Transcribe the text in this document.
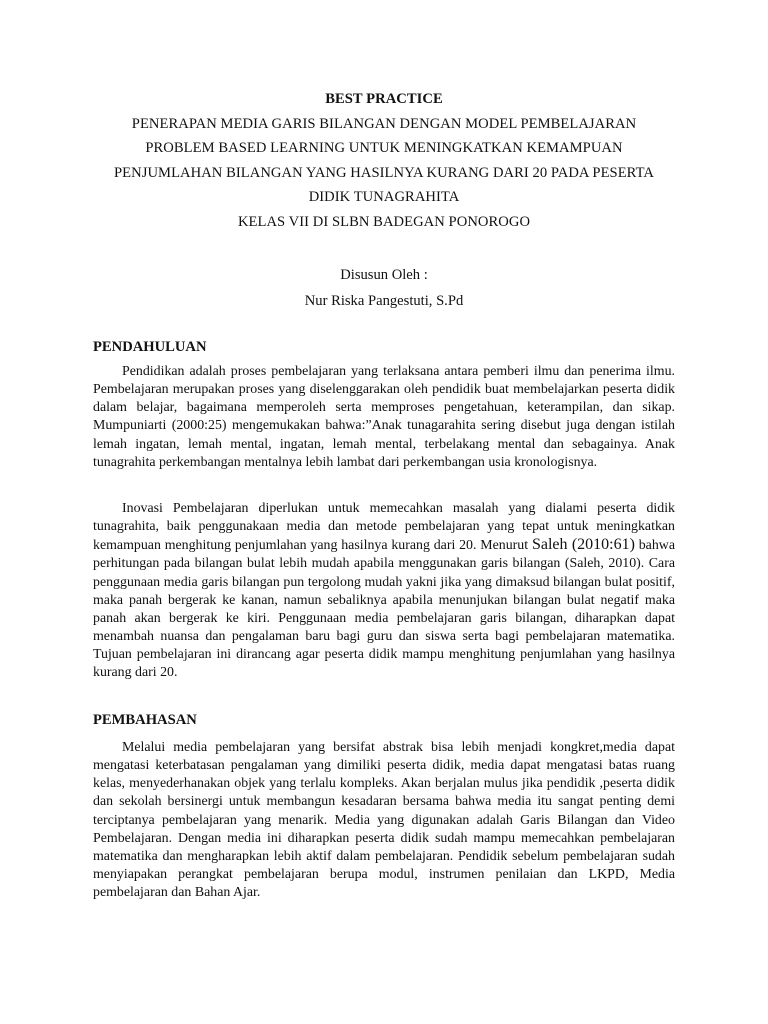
BEST PRACTICE
PENERAPAN MEDIA GARIS BILANGAN DENGAN MODEL PEMBELAJARAN
PROBLEM BASED LEARNING UNTUK MENINGKATKAN KEMAMPUAN
PENJUMLAHAN BILANGAN YANG HASILNYA KURANG DARI 20 PADA PESERTA
DIDIK TUNAGRAHITA
KELAS VII DI SLBN BADEGAN PONOROGO
Disusun Oleh :
Nur Riska Pangestuti, S.Pd
PENDAHULUAN

Pendidikan adalah proses pembelajaran yang terlaksana antara pemberi ilmu dan penerima ilmu. Pembelajaran merupakan proses yang diselenggarakan oleh pendidik buat membelajarkan peserta didik dalam belajar, bagaimana memperoleh serta memproses pengetahuan, keterampilan, dan sikap. Mumpuniarti (2000:25) mengemukakan bahwa:”Anak tunagarahita sering disebut juga dengan istilah lemah ingatan, lemah mental, ingatan, lemah mental, terbelakang mental dan sebagainya. Anak tunagrahita perkembangan mentalnya lebih lambat dari perkembangan usia kronologisnya.

Inovasi Pembelajaran diperlukan untuk memecahkan masalah yang dialami peserta didik tunagrahita, baik penggunakaan media dan metode pembelajaran yang tepat untuk meningkatkan kemampuan menghitung penjumlahan yang hasilnya kurang dari 20. Menurut Saleh (2010:61) bahwa perhitungan pada bilangan bulat lebih mudah apabila menggunakan garis bilangan (Saleh, 2010). Cara penggunaan media garis bilangan pun tergolong mudah yakni jika yang dimaksud bilangan bulat positif, maka panah bergerak ke kanan, namun sebaliknya apabila menunjukan bilangan bulat negatif maka panah akan bergerak ke kiri. Penggunaan media pembelajaran garis bilangan, diharapkan dapat menambah nuansa dan pengalaman baru bagi guru dan siswa serta bagi pembelajaran matematika. Tujuan pembelajaran ini dirancang agar peserta didik mampu menghitung penjumlahan yang hasilnya kurang dari 20.

PEMBAHASAN

Melalui media pembelajaran yang bersifat abstrak bisa lebih menjadi kongkret,media dapat mengatasi keterbatasan pengalaman yang dimiliki peserta didik, media dapat mengatasi batas ruang kelas, menyederhanakan objek yang terlalu kompleks. Akan berjalan mulus jika pendidik ,peserta didik dan sekolah bersinergi untuk membangun kesadaran bersama bahwa media itu sangat penting demi terciptanya pembelajaran yang menarik. Media yang digunakan adalah Garis Bilangan dan Video Pembelajaran. Dengan media ini diharapkan peserta didik sudah mampu memecahkan pembelajaran matematika dan mengharapkan lebih aktif dalam pembelajaran. Pendidik sebelum pembelajaran sudah menyiapakan perangkat pembelajaran berupa modul, instrumen penilaian dan LKPD, Media pembelajaran dan Bahan Ajar.
